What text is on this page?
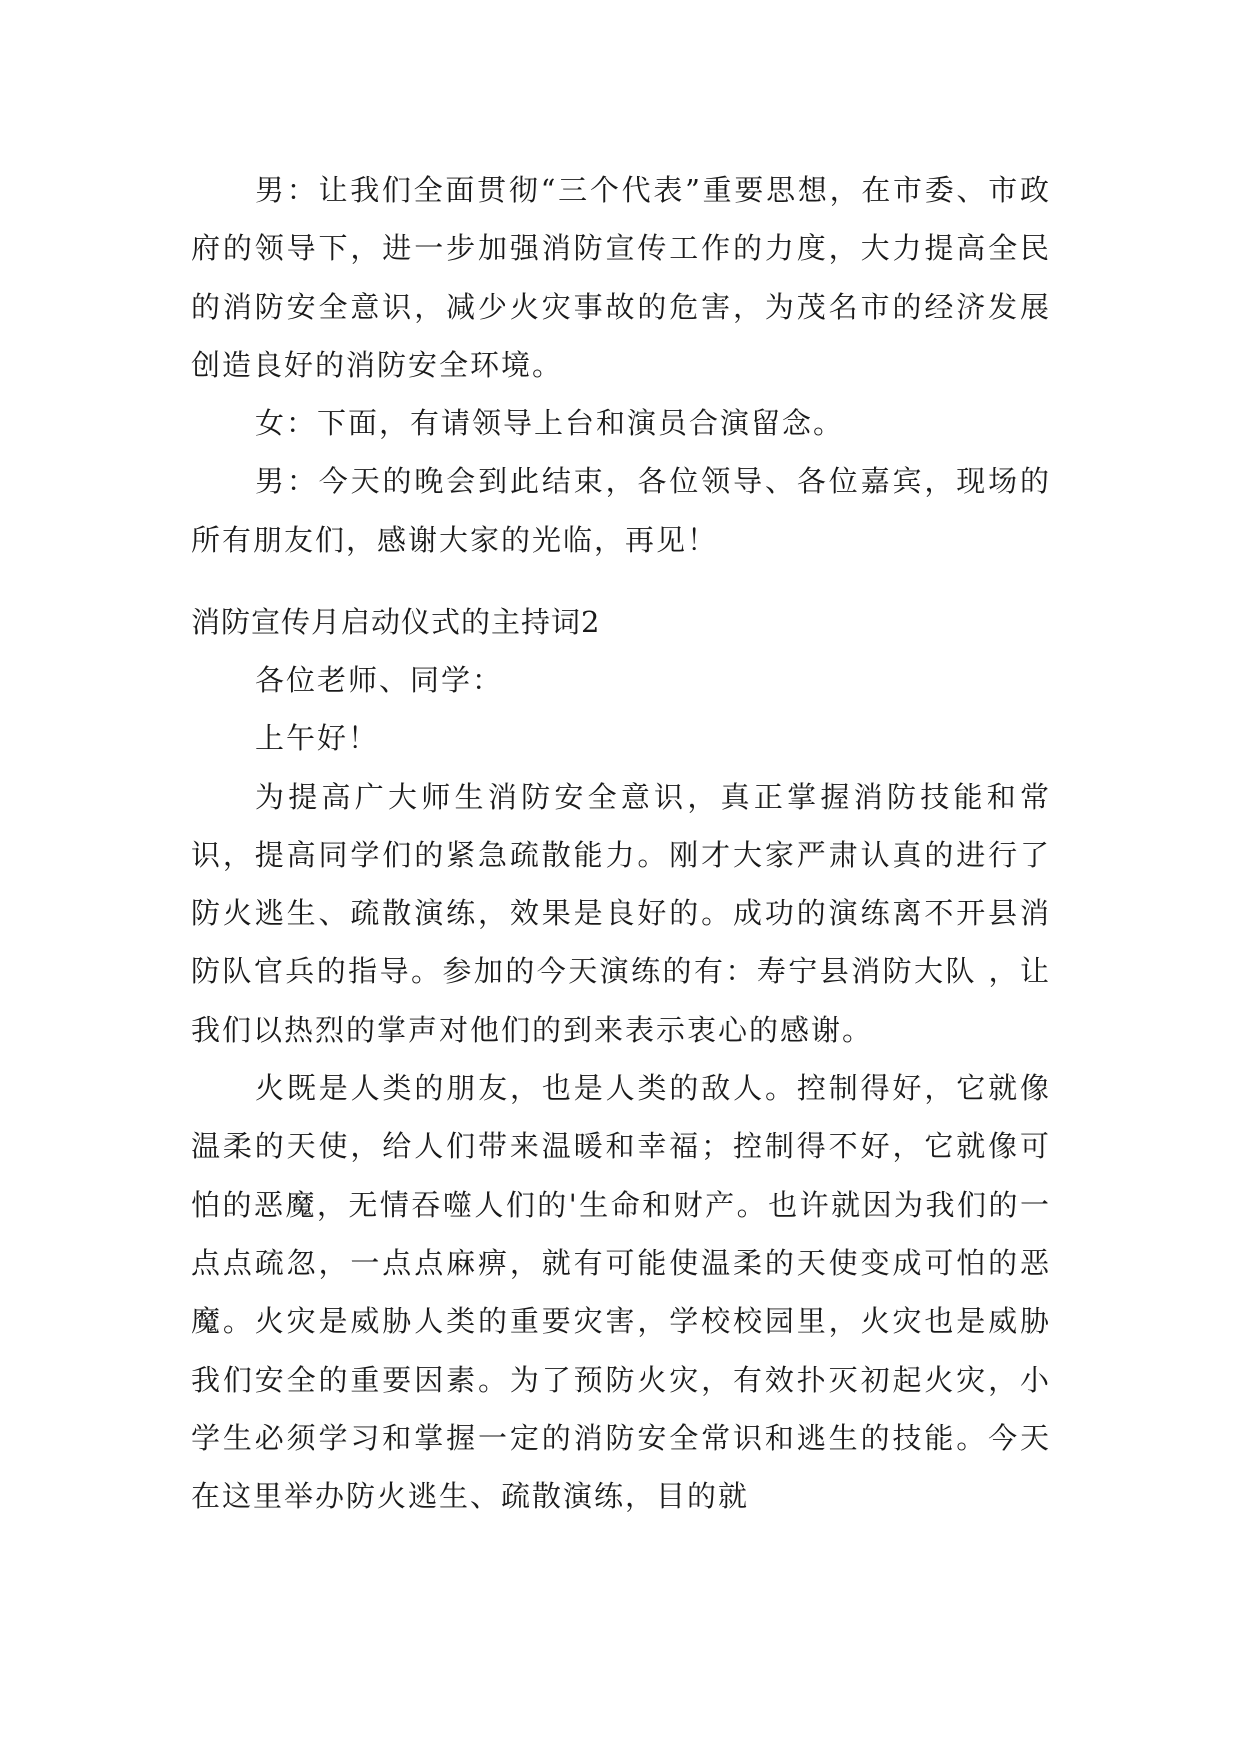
男：让我们全面贯彻“三个代表”重要思想，在市委、市政府的领导下，进一步加强消防宣传工作的力度，大力提高全民的消防安全意识，减少火灾事故的危害，为茂名市的经济发展创造良好的消防安全环境。

女：下面，有请领导上台和演员合演留念。

男：今天的晚会到此结束，各位领导、各位嘉宾，现场的所有朋友们，感谢大家的光临，再见！

消防宣传月启动仪式的主持词2

各位老师、同学：

上午好！

为提高广大师生消防安全意识，真正掌握消防技能和常识，提高同学们的紧急疏散能力。刚才大家严肃认真的进行了防火逃生、疏散演练，效果是良好的。成功的演练离不开县消防队官兵的指导。参加的今天演练的有：寿宁县消防大队 ，让我们以热烈的掌声对他们的到来表示衷心的感谢。

火既是人类的朋友，也是人类的敌人。控制得好，它就像温柔的天使，给人们带来温暖和幸福；控制得不好，它就像可怕的恶魔，无情吞噬人们的'生命和财产。也许就因为我们的一点点疏忽，一点点麻痹，就有可能使温柔的天使变成可怕的恶魔。火灾是威胁人类的重要灾害，学校校园里，火灾也是威胁我们安全的重要因素。为了预防火灾，有效扑灭初起火灾，小学生必须学习和掌握一定的消防安全常识和逃生的技能。今天在这里举办防火逃生、疏散演练，目的就
